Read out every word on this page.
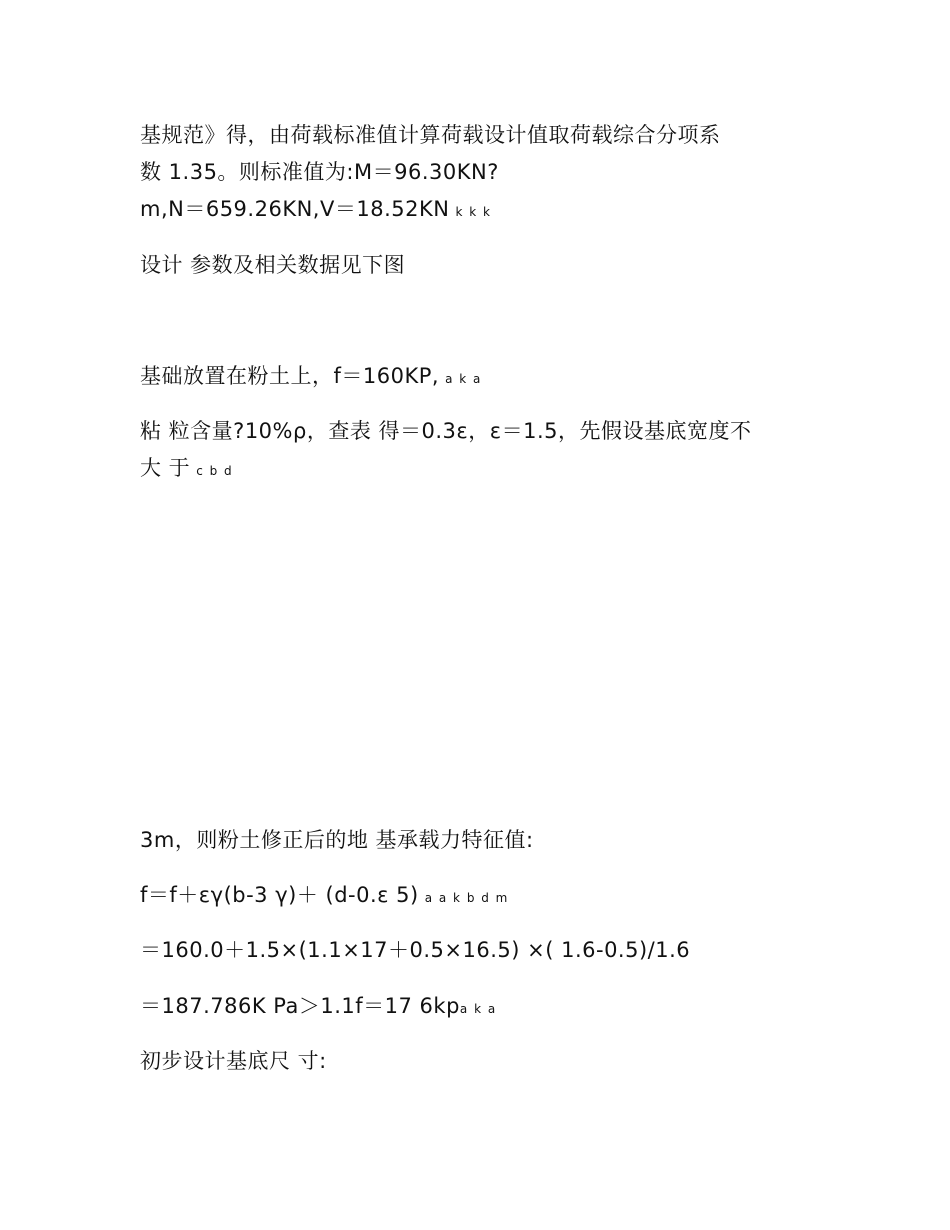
基规范》得，由荷载标准值计算荷载设计值取荷载综合分项系
数 1.35。则标准值为:M＝96.30KN?
m,N＝659.26KN,V＝18.52KN k k k
设计 参数及相关数据见下图
基础放置在粉土上，f＝160KP, a k a
粘 粒含量?10%ρ，查表 得＝0.3ε，ε＝1.5，先假设基底宽度不
大 于 c b d
3m，则粉土修正后的地 基承载力特征值:
f＝f＋εγ(b-3 γ)＋ (d-0.ε 5) a a k b d m
＝160.0＋1.5×(1.1×17＋0.5×16.5) ×( 1.6-0.5)/1.6
＝187.786K Pa＞1.1f＝17 6kpa k a
初步设计基底尺 寸:
